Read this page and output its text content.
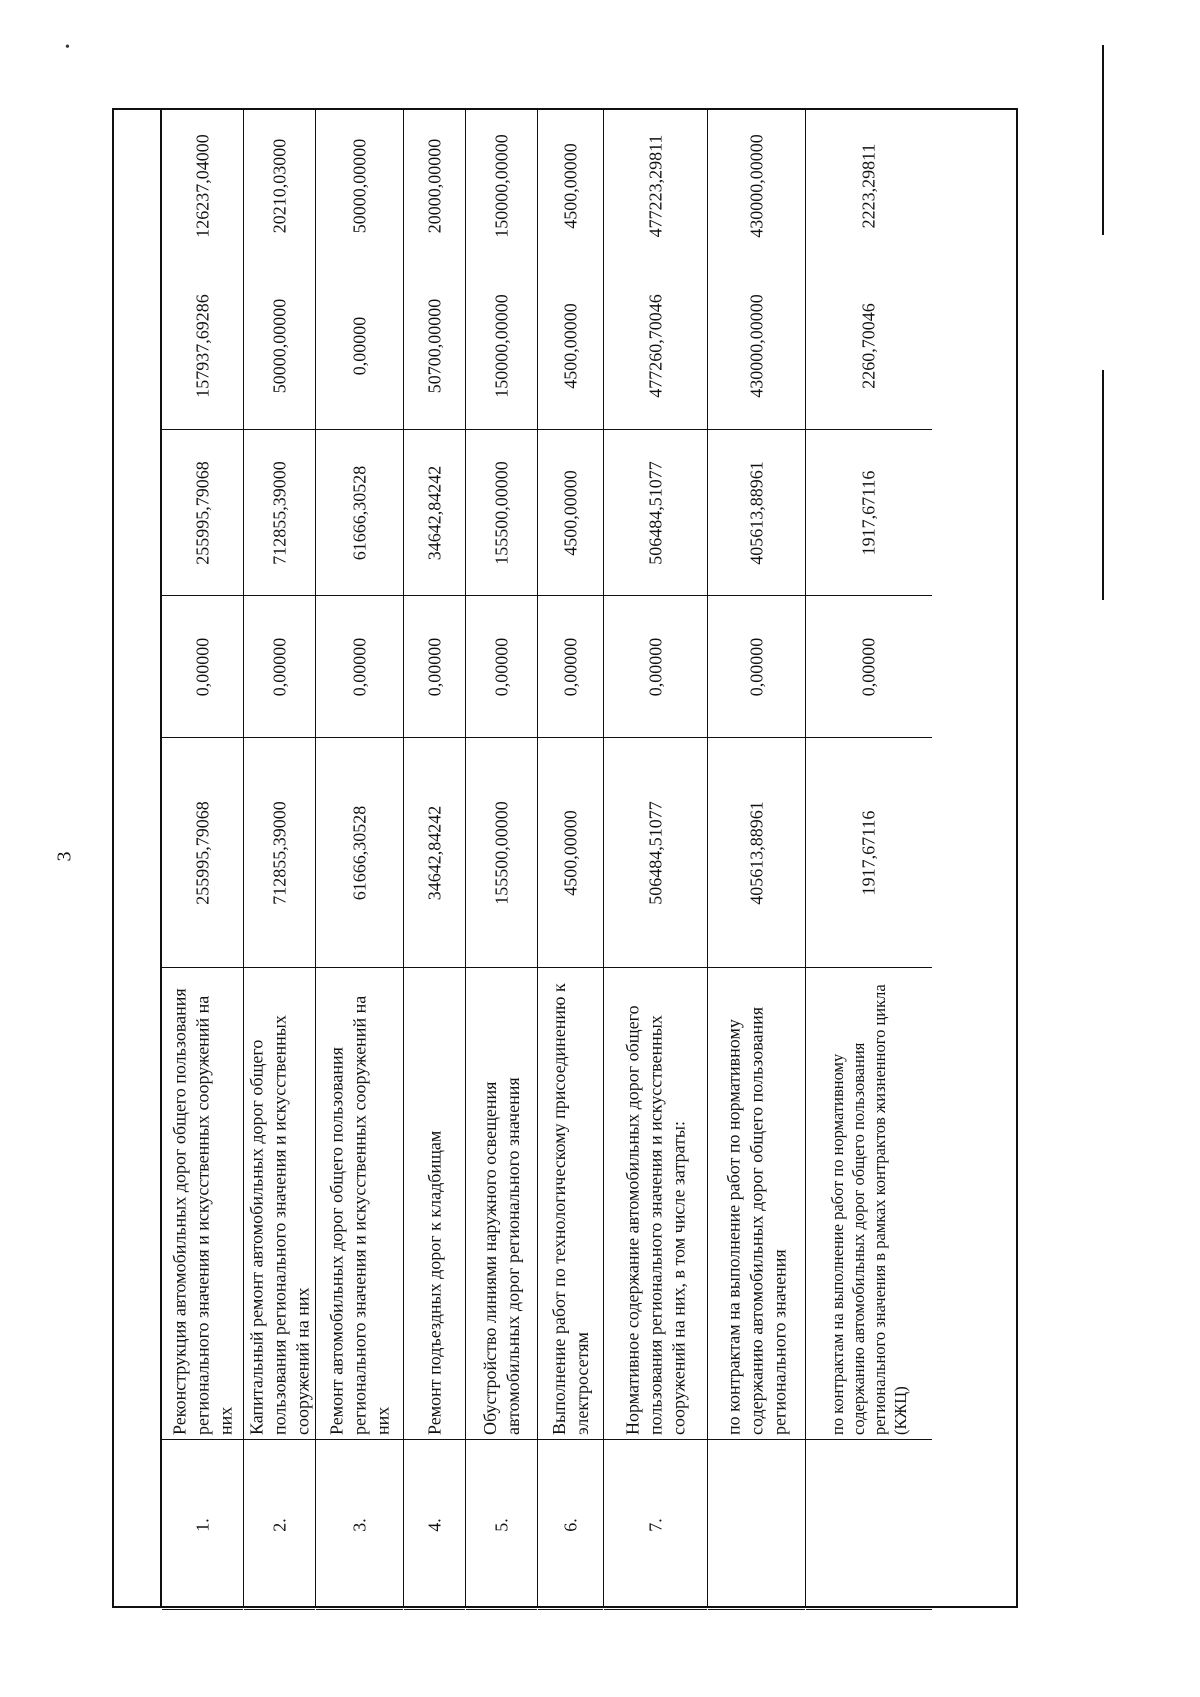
3
•
1.
Реконструкция автомобильных дорог общего пользования регионального значения и искусственных сооружений на них
255995,79068
0,00000
255995,79068
157937,69286
126237,04000
2.
Капитальный ремонт автомобильных дорог общего пользования регионального значения и искусственных сооружений на них
712855,39000
0,00000
712855,39000
50000,00000
20210,03000
3.
Ремонт автомобильных дорог общего пользования регионального значения и искусственных сооружений на них
61666,30528
0,00000
61666,30528
0,00000
50000,00000
4.
Ремонт подъездных дорог к кладбищам
34642,84242
0,00000
34642,84242
50700,00000
20000,00000
5.
Обустройство линиями наружного освещения автомобильных дорог регионального значения
155500,00000
0,00000
155500,00000
150000,00000
150000,00000
6.
Выполнение работ по технологическому присоединению к электросетям
4500,00000
0,00000
4500,00000
4500,00000
4500,00000
7.
Нормативное содержание автомобильных дорог общего пользования регионального значения и искусственных сооружений на них, в том числе затраты:
506484,51077
0,00000
506484,51077
477260,70046
477223,29811
по контрактам на выполнение работ по нормативному содержанию автомобильных дорог общего пользования регионального значения
405613,88961
0,00000
405613,88961
430000,00000
430000,00000
по контрактам на выполнение работ по нормативному содержанию автомобильных дорог общего пользования регионального значения в рамках контрактов жизненного цикла (КЖЦ)
1917,67116
0,00000
1917,67116
2260,70046
2223,29811
